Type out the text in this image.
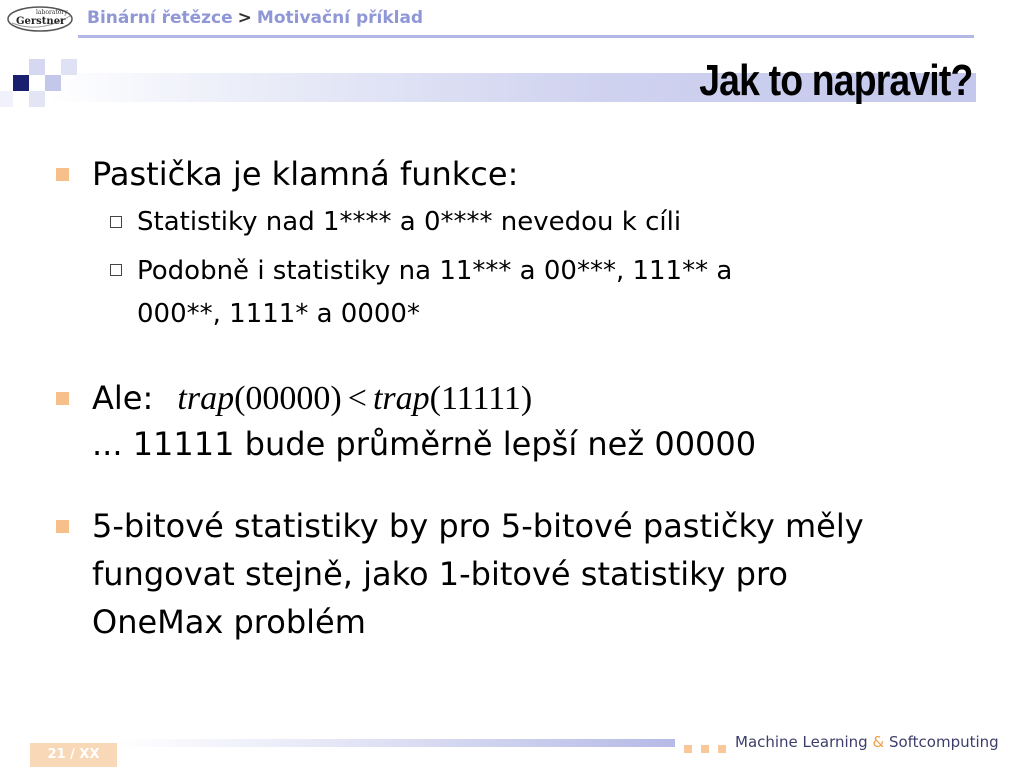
laboratory
Gerstner Binární řetězce > Motivační příklad
Jak to napravit?
Pastička je klamná funkce:
Statistiky nad 1**** a 0**** nevedou k cíli
Podobně i statistiky na 11*** a 00***, 111** a
000**, 1111* a 0000*
Ale: trap(00000) < trap(11111)
... 11111 bude průměrně lepší než 00000
5-bitové statistiky by pro 5-bitové pastičky měly
fungovat stejně, jako 1-bitové statistiky pro
OneMax problém
21 / XX
Machine Learning & Softcomputing
